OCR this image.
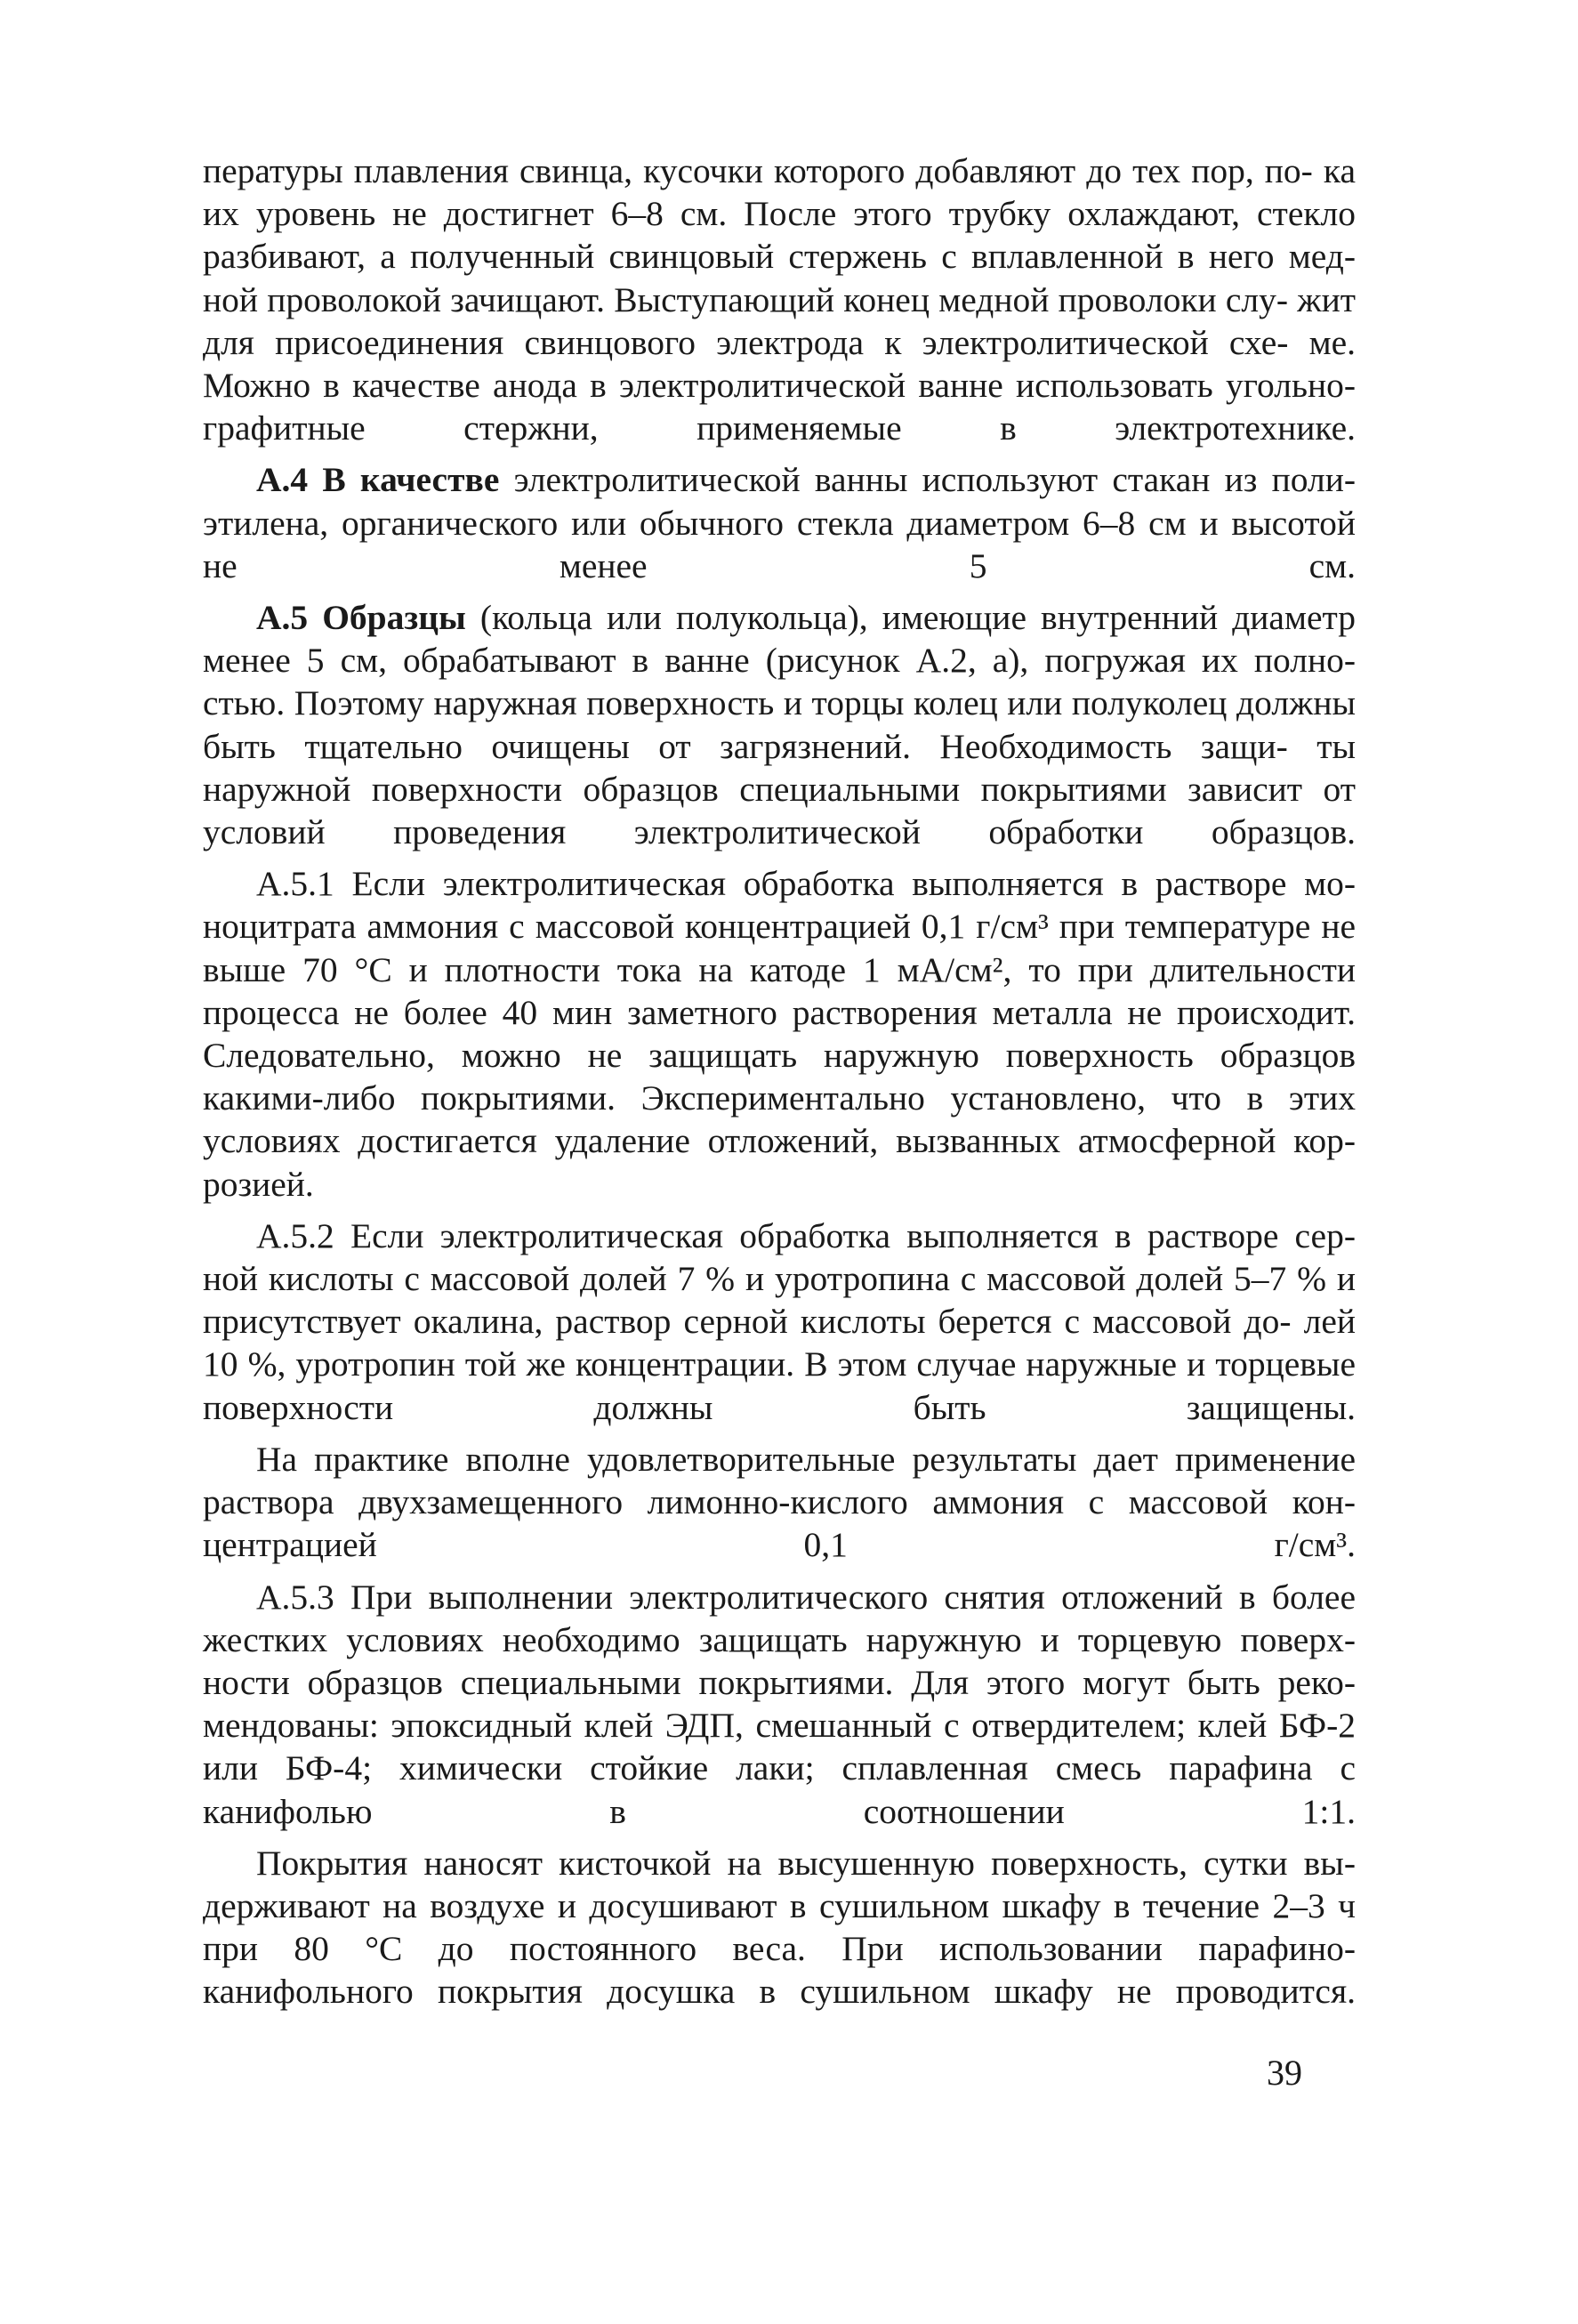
пературы плавления свинца, кусочки которого добавляют до тех пор, по- ка их уровень не достигнет 6–8 см. После этого трубку охлаждают, стекло разбивают, а полученный свинцовый стержень с вплавленной в него мед- ной проволокой зачищают. Выступающий конец медной проволоки слу- жит для присоединения свинцового электрода к электролитической схе- ме. Можно в качестве анода в электролитической ванне использовать угольно-графитные стержни, применяемые в электротехнике.

А.4 В качестве электролитической ванны используют стакан из поли- этилена, органического или обычного стекла диаметром 6–8 см и высотой не менее 5 см.

А.5 Образцы (кольца или полукольца), имеющие внутренний диаметр менее 5 см, обрабатывают в ванне (рисунок А.2, а), погружая их полно- стью. Поэтому наружная поверхность и торцы колец или полуколец должны быть тщательно очищены от загрязнений. Необходимость защи- ты наружной поверхности образцов специальными покрытиями зависит от условий проведения электролитической обработки образцов.

А.5.1 Если электролитическая обработка выполняется в растворе мо- ноцитрата аммония с массовой концентрацией 0,1 г/см³ при температуре не выше 70 °С и плотности тока на катоде 1 мА/см², то при длительности процесса не более 40 мин заметного растворения металла не происходит. Следовательно, можно не защищать наружную поверхность образцов какими-либо покрытиями. Экспериментально установлено, что в этих условиях достигается удаление отложений, вызванных атмосферной кор- розией.

А.5.2 Если электролитическая обработка выполняется в растворе сер- ной кислоты с массовой долей 7 % и уротропина с массовой долей 5–7 % и присутствует окалина, раствор серной кислоты берется с массовой до- лей 10 %, уротропин той же концентрации. В этом случае наружные и торцевые поверхности должны быть защищены.

На практике вполне удовлетворительные результаты дает применение раствора двухзамещенного лимонно-кислого аммония с массовой кон- центрацией 0,1 г/см³.

А.5.3 При выполнении электролитического снятия отложений в более жестких условиях необходимо защищать наружную и торцевую поверх- ности образцов специальными покрытиями. Для этого могут быть реко- мендованы: эпоксидный клей ЭДП, смешанный с отвердителем; клей БФ-2 или БФ-4; химически стойкие лаки; сплавленная смесь парафина с канифолью в соотношении 1:1.

Покрытия наносят кисточкой на высушенную поверхность, сутки вы- держивают на воздухе и досушивают в сушильном шкафу в течение 2–3 ч при 80 °С до постоянного веса. При использовании парафино- канифольного покрытия досушка в сушильном шкафу не проводится.

39
